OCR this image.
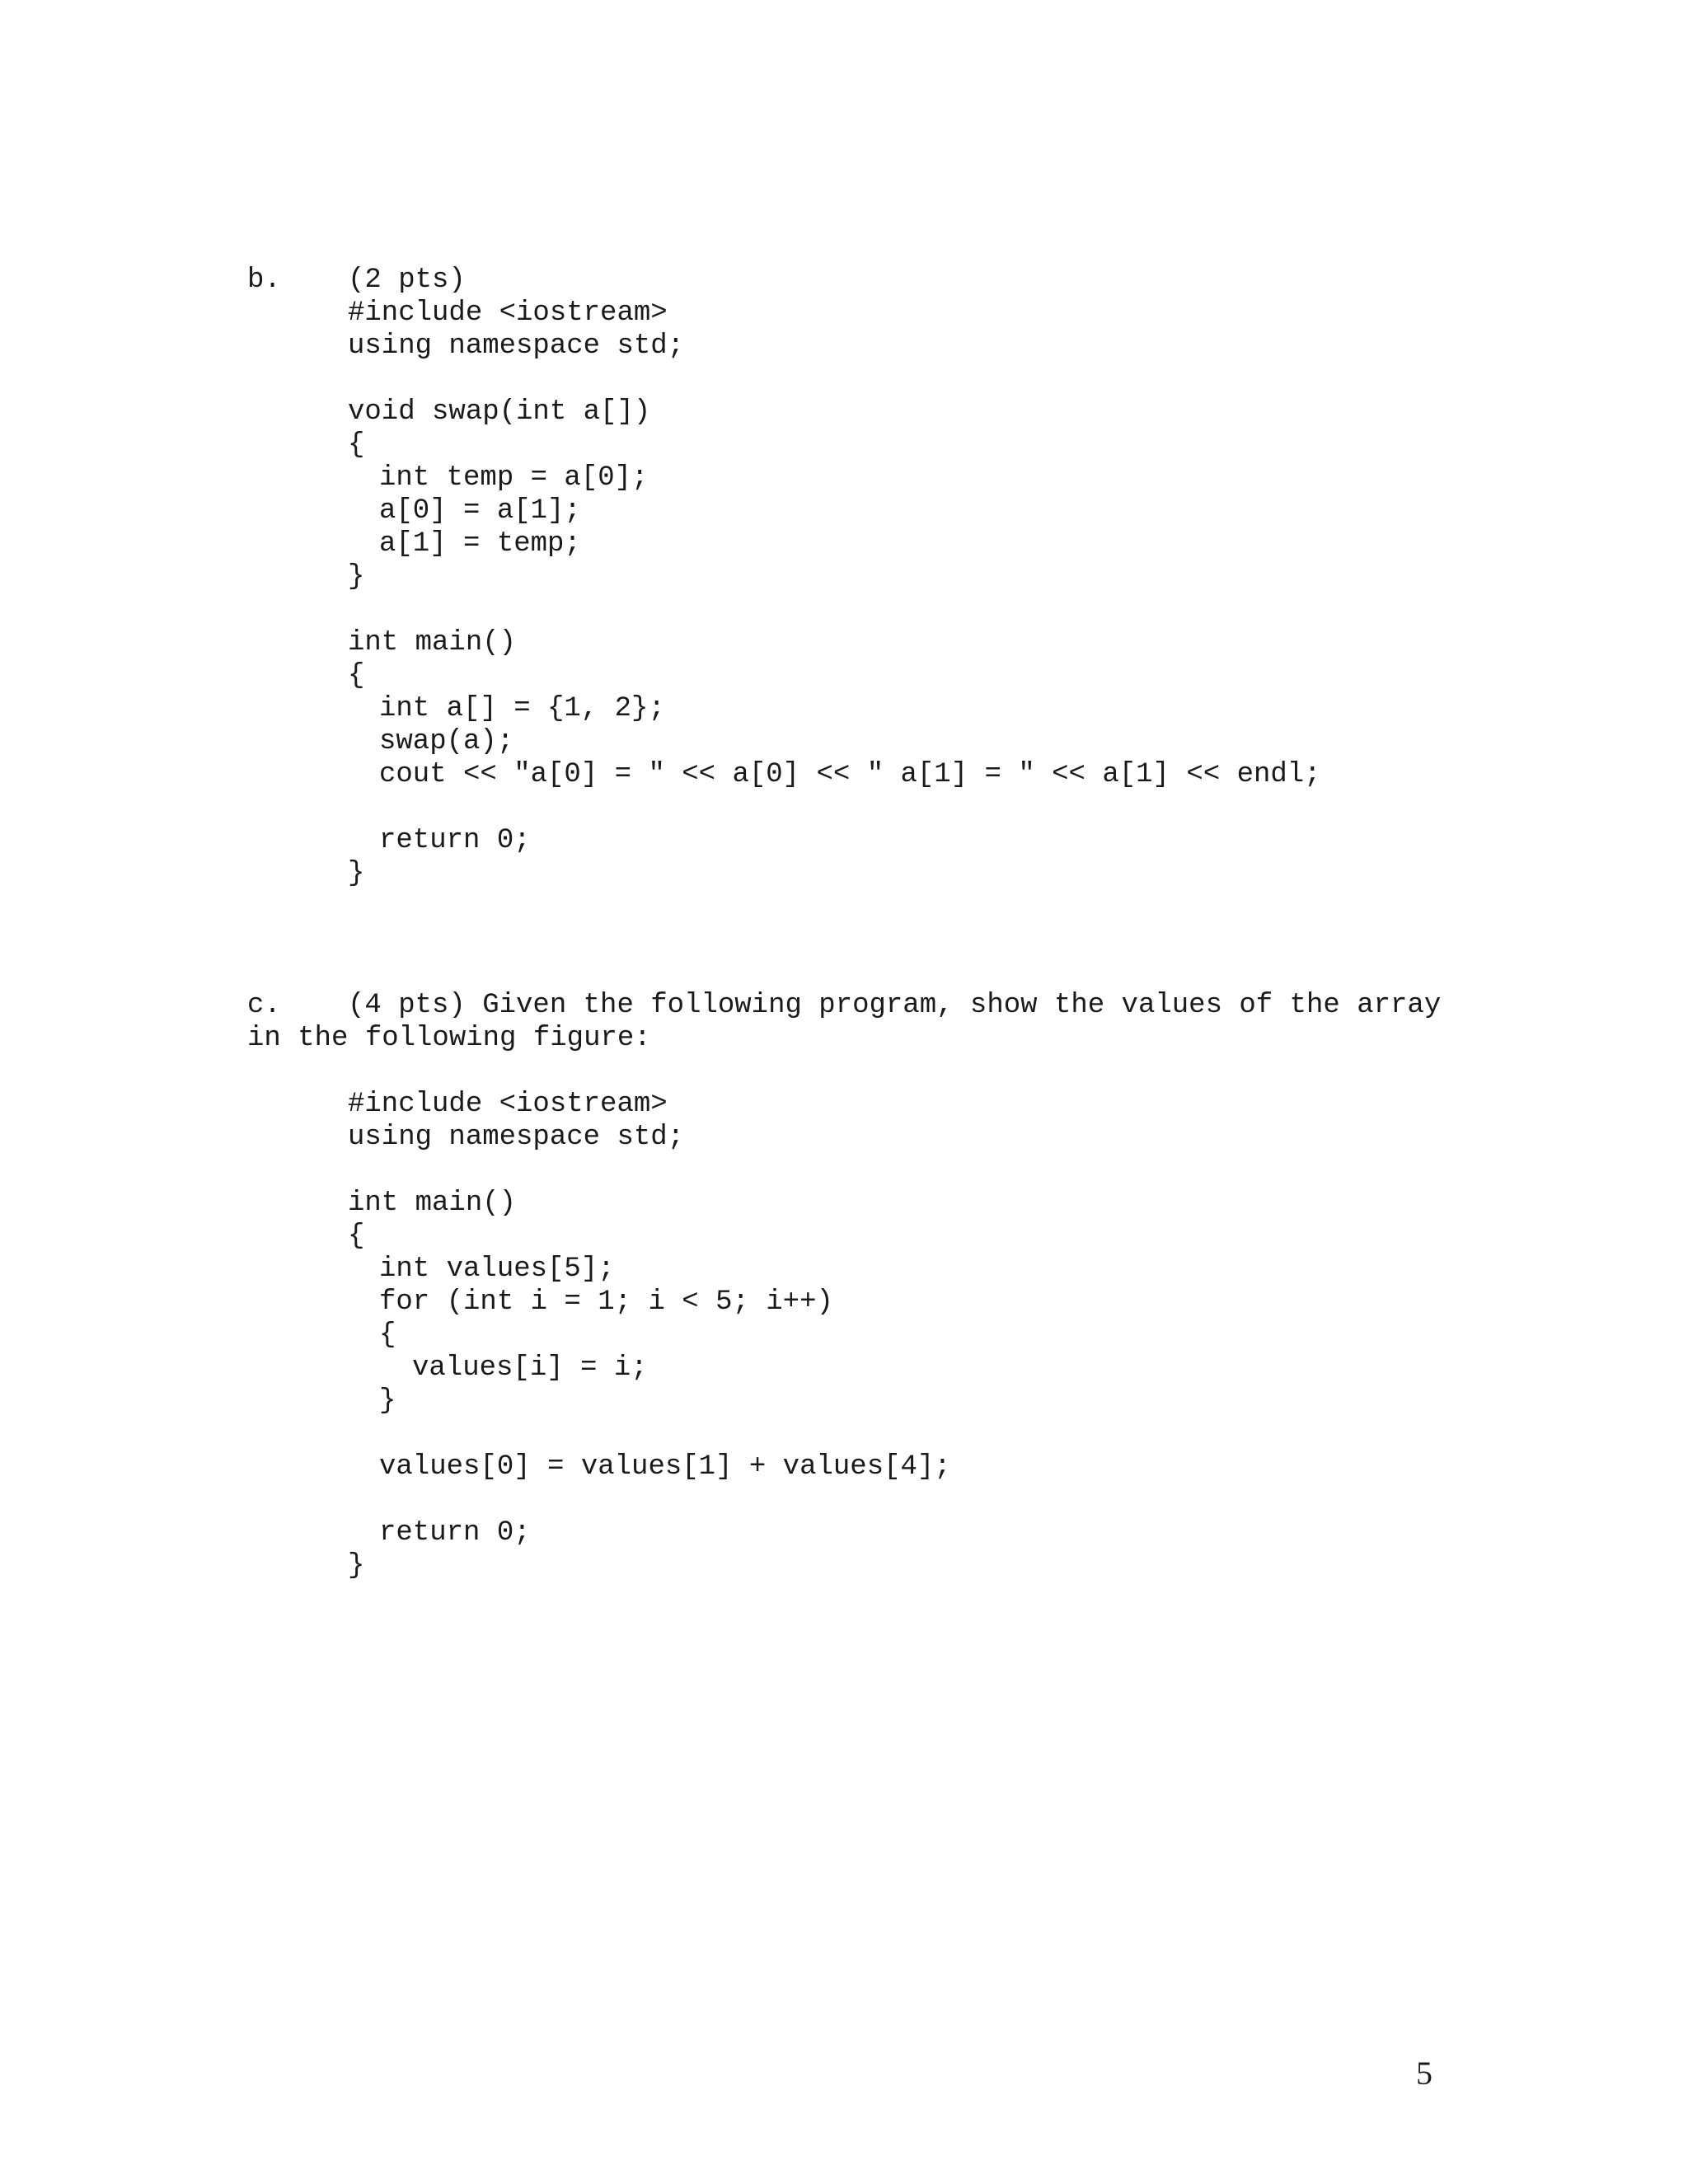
b. (2 pts)
#include <iostream>
using namespace std;
void swap(int a[])
{
int temp = a[0];
a[0] = a[1];
a[1] = temp;
}
int main()
{
int a[] = {1, 2};
swap(a);
cout << "a[0] = " << a[0] << " a[1] = " << a[1] << endl;
return 0;
}
c. (4 pts) Given the following program, show the values of the array
in the following figure:
#include <iostream>
using namespace std;
int main()
{
int values[5];
for (int i = 1; i < 5; i++)
{
values[i] = i;
}
values[0] = values[1] + values[4];
return 0;
}
5
